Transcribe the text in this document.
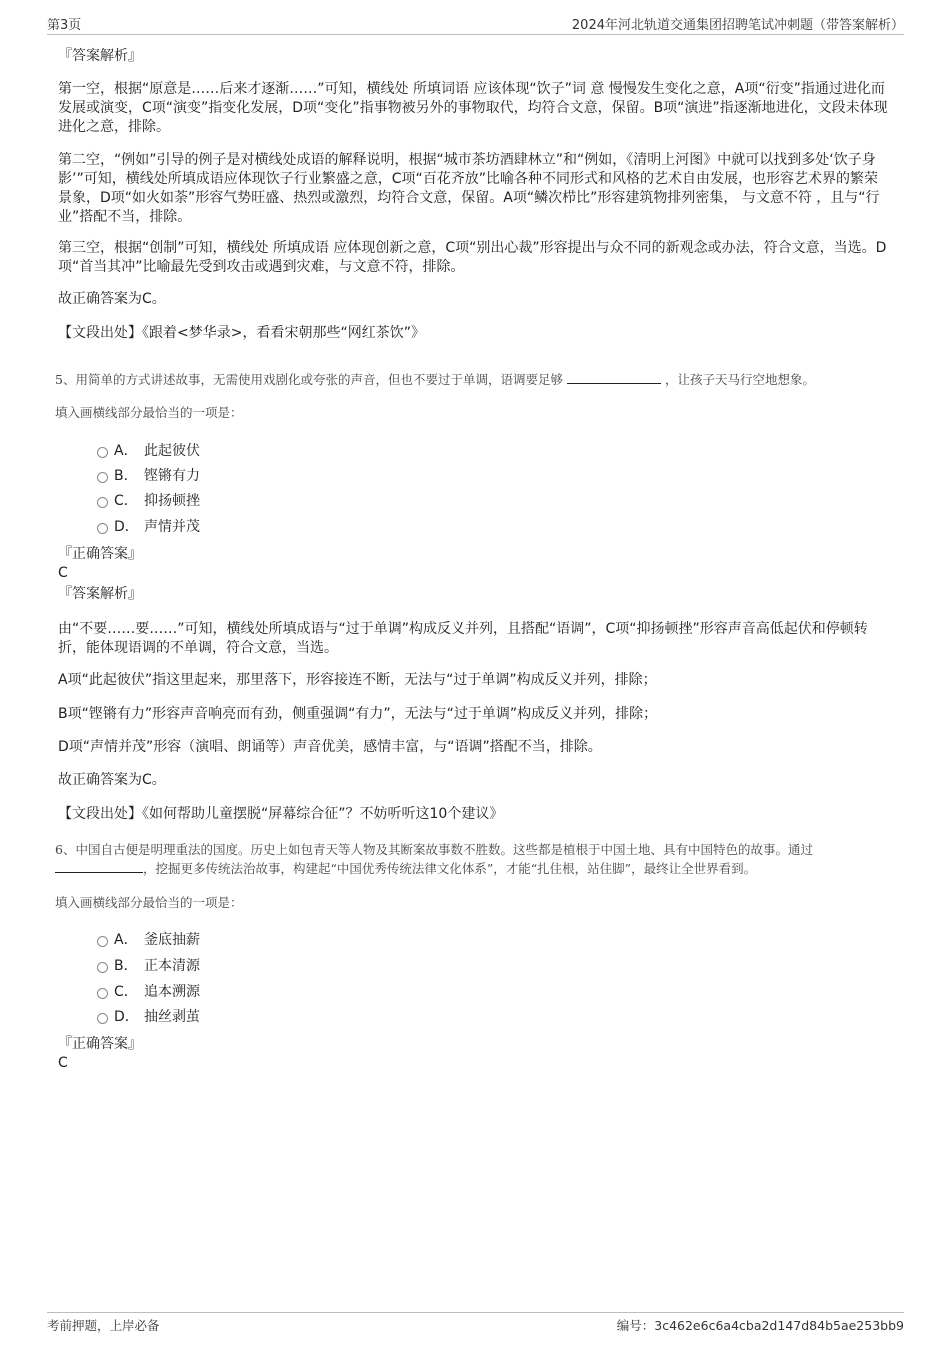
第3页	2024年河北轨道交通集团招聘笔试冲刺题（带答案解析）
『答案解析』
第一空，根据“原意是……后来才逐渐……”可知，横线处 所填词语 应该体现“饮子”词 意 慢慢发生变化之意，A项“衍变”指通过进化而发展或演变，C项“演变”指变化发展，D项“变化”指事物被另外的事物取代，均符合文意，保留。B项“演进”指逐渐地进化，文段未体现进化之意，排除。
第二空，“例如”引导的例子是对横线处成语的解释说明，根据“城市茶坊酒肆林立”和“例如，《清明上河图》中就可以找到多处‘饮子身影’”可知，横线处所填成语应体现饮子行业繁盛之意，C项“百花齐放”比喻各种不同形式和风格的艺术自由发展，也形容艺术界的繁荣景象，D项“如火如荼”形容气势旺盛、热烈或激烈，均符合文意，保留。A项“鳞次栉比”形容建筑物排列密集， 与文意不符 ，且与“行业”搭配不当，排除。
第三空，根据“创制”可知，横线处 所填成语 应体现创新之意，C项“别出心裁”形容提出与众不同的新观念或办法，符合文意，当选。D项“首当其冲”比喻最先受到攻击或遇到灾难，与文意不符，排除。
故正确答案为C。
【文段出处】《跟着<梦华录>，看看宋朝那些“网红茶饮”》
5、用简单的方式讲述故事，无需使用戏剧化或夸张的声音，但也不要过于单调，语调要足够	，让孩子天马行空地想象。
填入画横线部分最恰当的一项是：
A． 此起彼伏
B． 铿锵有力
C． 抑扬顿挫
D． 声情并茂
『正确答案』
C
『答案解析』
由“不要……要……”可知，横线处所填成语与“过于单调”构成反义并列，且搭配“语调”，C项“抑扬顿挫”形容声音高低起伏和停顿转折，能体现语调的不单调，符合文意，当选。
A项“此起彼伏”指这里起来，那里落下，形容接连不断，无法与“过于单调”构成反义并列，排除；
B项“铿锵有力”形容声音响亮而有劲，侧重强调“有力”，无法与“过于单调”构成反义并列，排除；
D项“声情并茂”形容（演唱、朗诵等）声音优美，感情丰富，与“语调”搭配不当，排除。
故正确答案为C。
【文段出处】《如何帮助儿童摆脱“屏幕综合征”？不妨听听这10个建议》
6、中国自古便是明理重法的国度。历史上如包青天等人物及其断案故事数不胜数。这些都是植根于中国土地、具有中国特色的故事。通过
，挖掘更多传统法治故事，构建起“中国优秀传统法律文化体系”，才能“扎住根，站住脚”，最终让全世界看到。
填入画横线部分最恰当的一项是：
A． 釜底抽薪
B． 正本清源
C． 追本溯源
D． 抽丝剥茧
『正确答案』
C
考前押题，上岸必备	编号：3c462e6c6a4cba2d147d84b5ae253bb9
